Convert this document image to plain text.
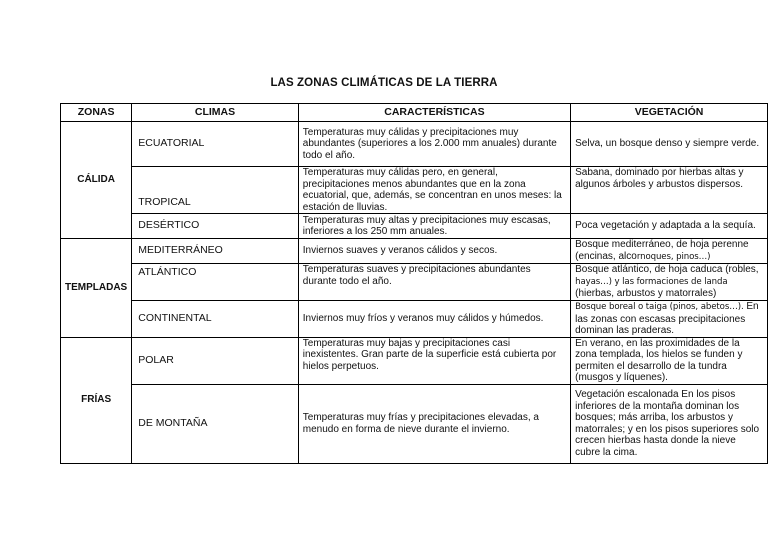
LAS ZONAS CLIMÁTICAS DE LA TIERRA
ZONAS	CLIMAS	CARACTERÍSTICAS	VEGETACIÓN
CÁLIDA	ECUATORIAL	Temperaturas muy cálidas y precipitaciones muy abundantes (superiores a los 2.000 mm anuales) durante todo el año.	Selva, un bosque denso y siempre verde.
	TROPICAL	Temperaturas muy cálidas pero, en general, precipitaciones menos abundantes que en la zona ecuatorial, que, además, se concentran en unos meses: la estación de lluvias.	Sabana, dominado por hierbas altas y algunos árboles y arbustos dispersos.
	DESÉRTICO	Temperaturas muy altas y precipitaciones muy escasas, inferiores a los 250 mm anuales.	Poca vegetación y adaptada a la sequía.
TEMPLADAS	MEDITERRÁNEO	Inviernos suaves y veranos cálidos y secos.	Bosque mediterráneo, de hoja perenne (encinas, alcornoques, pinos…)
	ATLÁNTICO	Temperaturas suaves y precipitaciones abundantes durante todo el año.	Bosque atlántico, de hoja caduca (robles, hayas…) y las formaciones de landa (hierbas, arbustos y matorrales)
	CONTINENTAL	Inviernos muy fríos y veranos muy cálidos y húmedos.	Bosque boreal o taiga (pinos, abetos…). En las zonas con escasas precipitaciones dominan las praderas.
FRÍAS	POLAR	Temperaturas muy bajas y precipitaciones casi inexistentes. Gran parte de la superficie está cubierta por hielos perpetuos.	En verano, en las proximidades de la zona templada, los hielos se funden y permiten el desarrollo de la tundra (musgos y líquenes).
	DE MONTAÑA	Temperaturas muy frías y precipitaciones elevadas, a menudo en forma de nieve durante el invierno.	Vegetación escalonada En los pisos inferiores de la montaña dominan los bosques; más arriba, los arbustos y matorrales; y en los pisos superiores solo crecen hierbas hasta donde la nieve cubre la cima.
